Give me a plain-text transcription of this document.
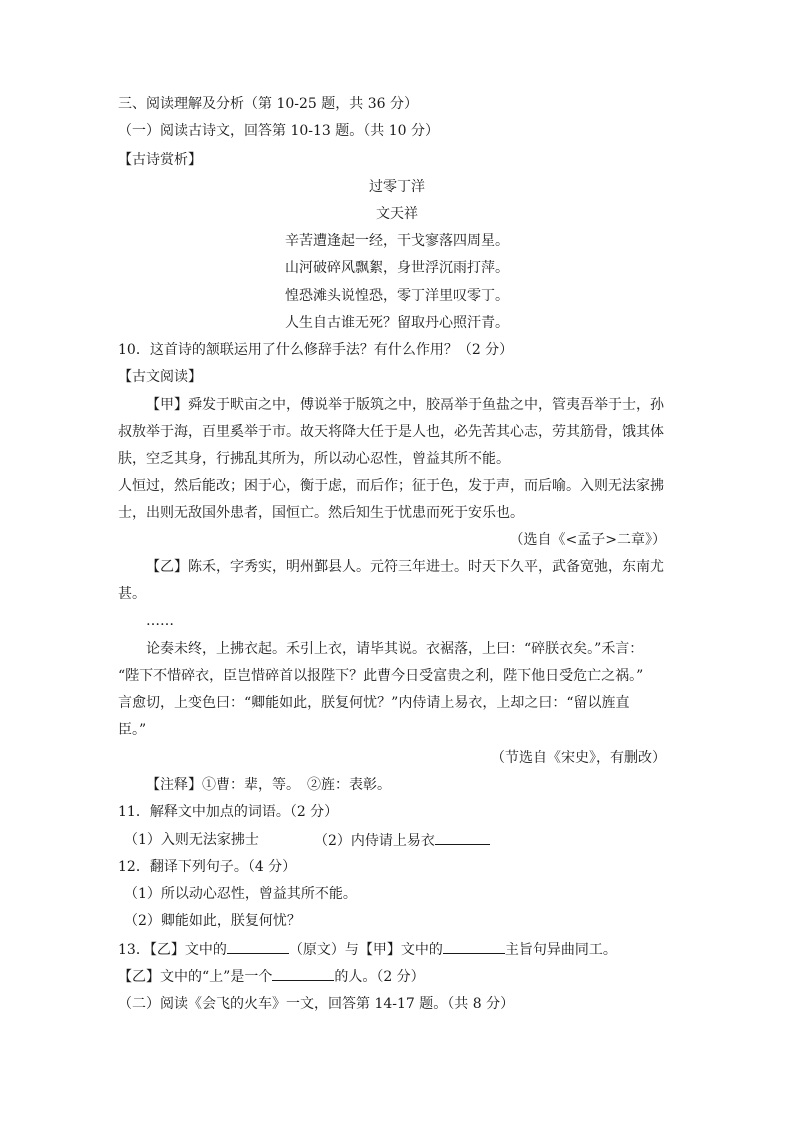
三、阅读理解及分析（第 10-25 题，共 36 分）
（一）阅读古诗文，回答第 10-13 题。（共 10 分）
【古诗赏析】
过零丁洋
文天祥
辛苦遭逢起一经，干戈寥落四周星。
山河破碎风飘絮，身世浮沉雨打萍。
惶恐滩头说惶恐，零丁洋里叹零丁。
人生自古谁无死？留取丹心照汗青。
10．这首诗的颔联运用了什么修辞手法？有什么作用？（2 分）
【古文阅读】
【甲】舜发于畎亩之中，傅说举于版筑之中，胶鬲举于鱼盐之中，管夷吾举于士，孙
叔敖举于海，百里奚举于市。故天将降大任于是人也，必先苦其心志，劳其筋骨，饿其体
肤，空乏其身，行拂乱其所为，所以动心忍性，曾益其所不能。
人恒过，然后能改；困于心，衡于虑，而后作；征于色，发于声，而后喻。入则无法家拂
士，出则无敌国外患者，国恒亡。然后知生于忧患而死于安乐也。
（选自《<孟子>二章》）
【乙】陈禾，字秀实，明州鄞县人。元符三年进士。时天下久平，武备宽弛，东南尤
甚。
……
论奏未终，上拂衣起。禾引上衣，请毕其说。衣裾落，上曰：“碎朕衣矣。”禾言：
“陛下不惜碎衣，臣岂惜碎首以报陛下？此曹今日受富贵之利，陛下他日受危亡之祸。”
言愈切，上变色曰：“卿能如此，朕复何忧？”内侍请上易衣，上却之曰：“留以旌直
臣。”
（节选自《宋史》，有删改）
【注释】①曹：辈，等。　②旌：表彰。
11．解释文中加点的词语。（2 分）
（1）入则无法家拂士	（2）内侍请上易衣
12．翻译下列句子。（4 分）
（1）所以动心忍性，曾益其所不能。
（2）卿能如此，朕复何忧？
13．【乙】文中的	（原文）与【甲】文中的	主旨句异曲同工。
【乙】文中的“上”是一个	的人。（2 分）
（二）阅读《会飞的火车》一文，回答第 14-17 题。（共 8 分）
